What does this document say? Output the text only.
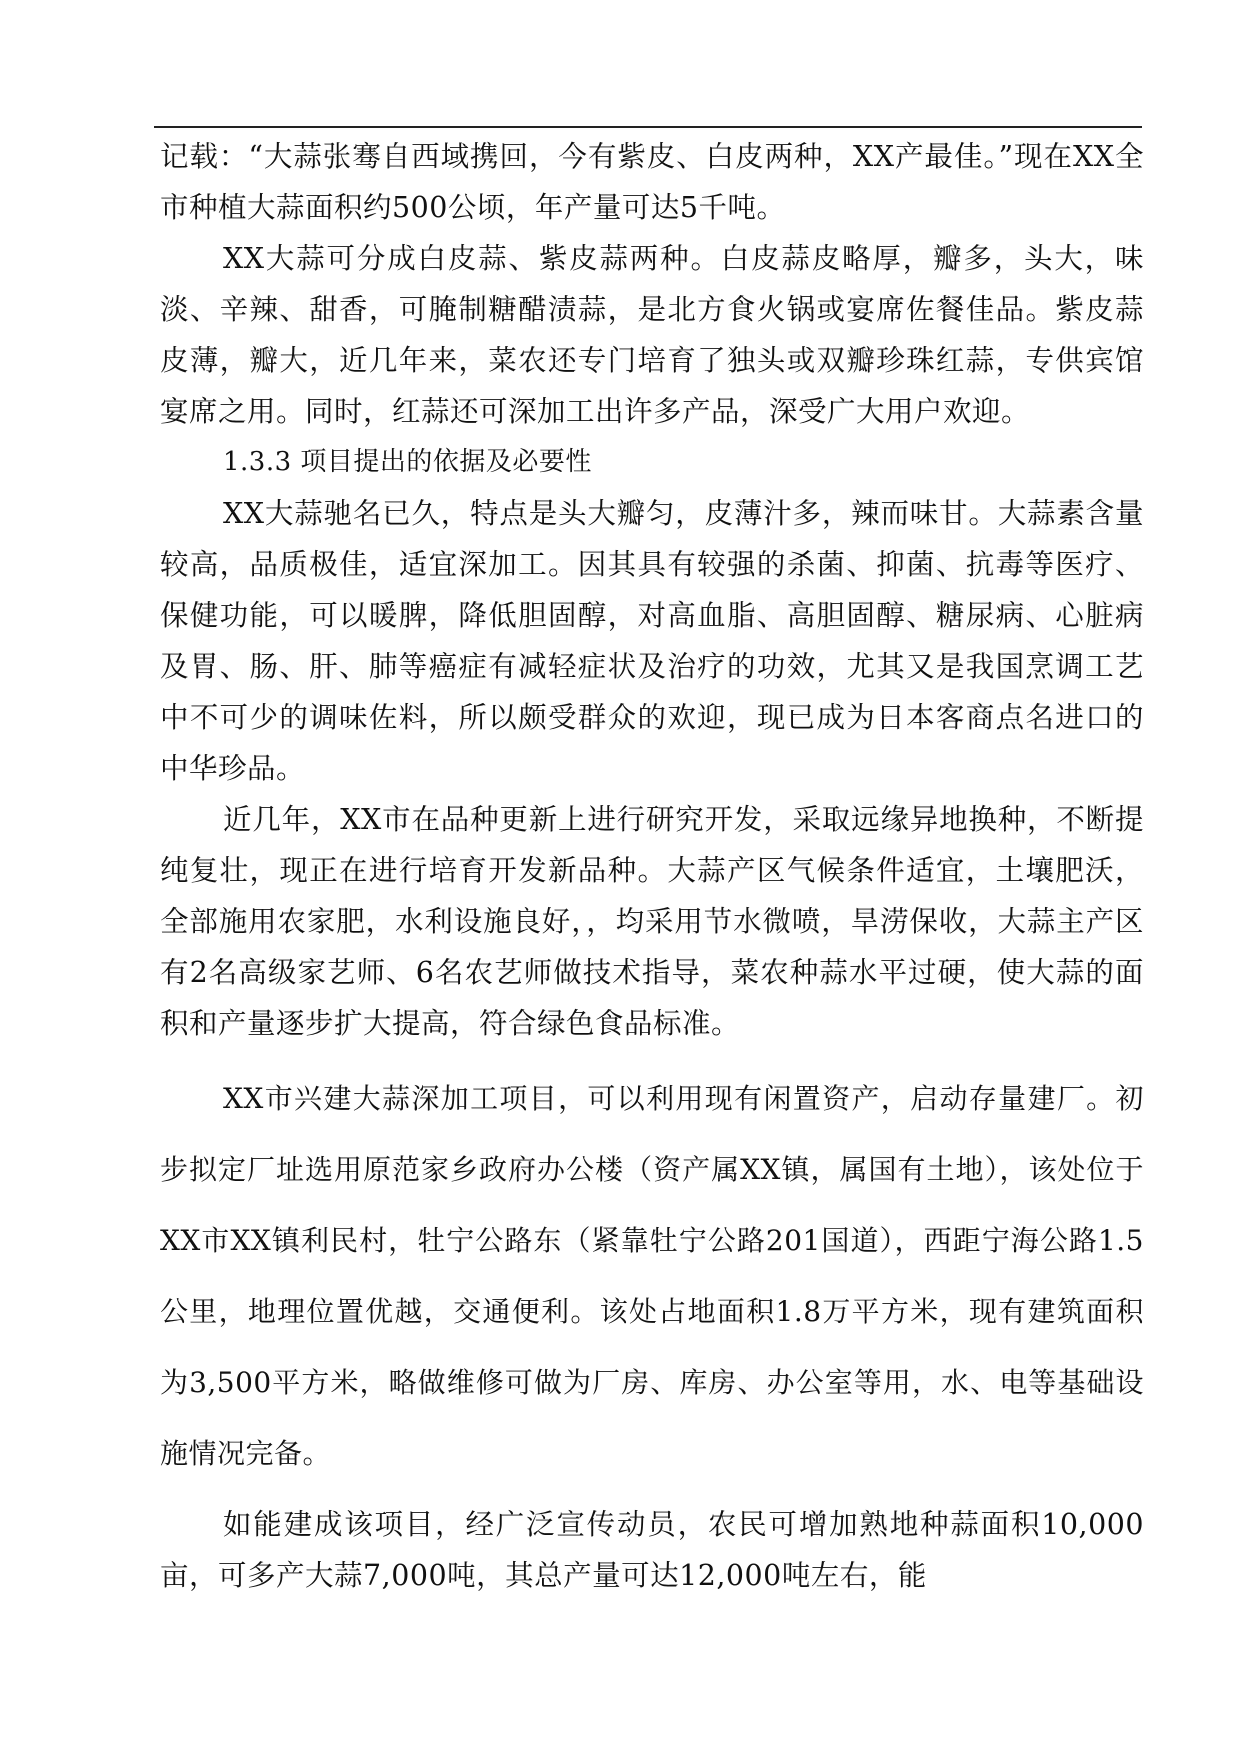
记载：“大蒜张骞自西域携回，今有紫皮、白皮两种，XX产最佳。”现在XX全市种植大蒜面积约500公顷，年产量可达5千吨。

XX大蒜可分成白皮蒜、紫皮蒜两种。白皮蒜皮略厚，瓣多，头大，味淡、辛辣、甜香，可腌制糖醋渍蒜，是北方食火锅或宴席佐餐佳品。紫皮蒜皮薄，瓣大，近几年来，菜农还专门培育了独头或双瓣珍珠红蒜，专供宾馆宴席之用。同时，红蒜还可深加工出许多产品，深受广大用户欢迎。

1.3.3 项目提出的依据及必要性

XX大蒜驰名已久，特点是头大瓣匀，皮薄汁多，辣而味甘。大蒜素含量较高，品质极佳，适宜深加工。因其具有较强的杀菌、抑菌、抗毒等医疗、保健功能，可以暖脾，降低胆固醇，对高血脂、高胆固醇、糖尿病、心脏病及胃、肠、肝、肺等癌症有减轻症状及治疗的功效，尤其又是我国烹调工艺中不可少的调味佐料，所以颇受群众的欢迎，现已成为日本客商点名进口的中华珍品。

近几年，XX市在品种更新上进行研究开发，采取远缘异地换种，不断提纯复壮，现正在进行培育开发新品种。大蒜产区气候条件适宜，土壤肥沃，全部施用农家肥，水利设施良好，，均采用节水微喷，旱涝保收，大蒜主产区有2名高级家艺师、6名农艺师做技术指导，菜农种蒜水平过硬，使大蒜的面积和产量逐步扩大提高，符合绿色食品标准。

XX市兴建大蒜深加工项目，可以利用现有闲置资产，启动存量建厂。初步拟定厂址选用原范家乡政府办公楼（资产属XX镇，属国有土地），该处位于XX市XX镇利民村，牡宁公路东（紧靠牡宁公路201国道），西距宁海公路1.5公里，地理位置优越，交通便利。该处占地面积1.8万平方米，现有建筑面积为3,500平方米，略做维修可做为厂房、库房、办公室等用，水、电等基础设施情况完备。

如能建成该项目，经广泛宣传动员，农民可增加熟地种蒜面积10,000亩，可多产大蒜7,000吨，其总产量可达12,000吨左右，能
